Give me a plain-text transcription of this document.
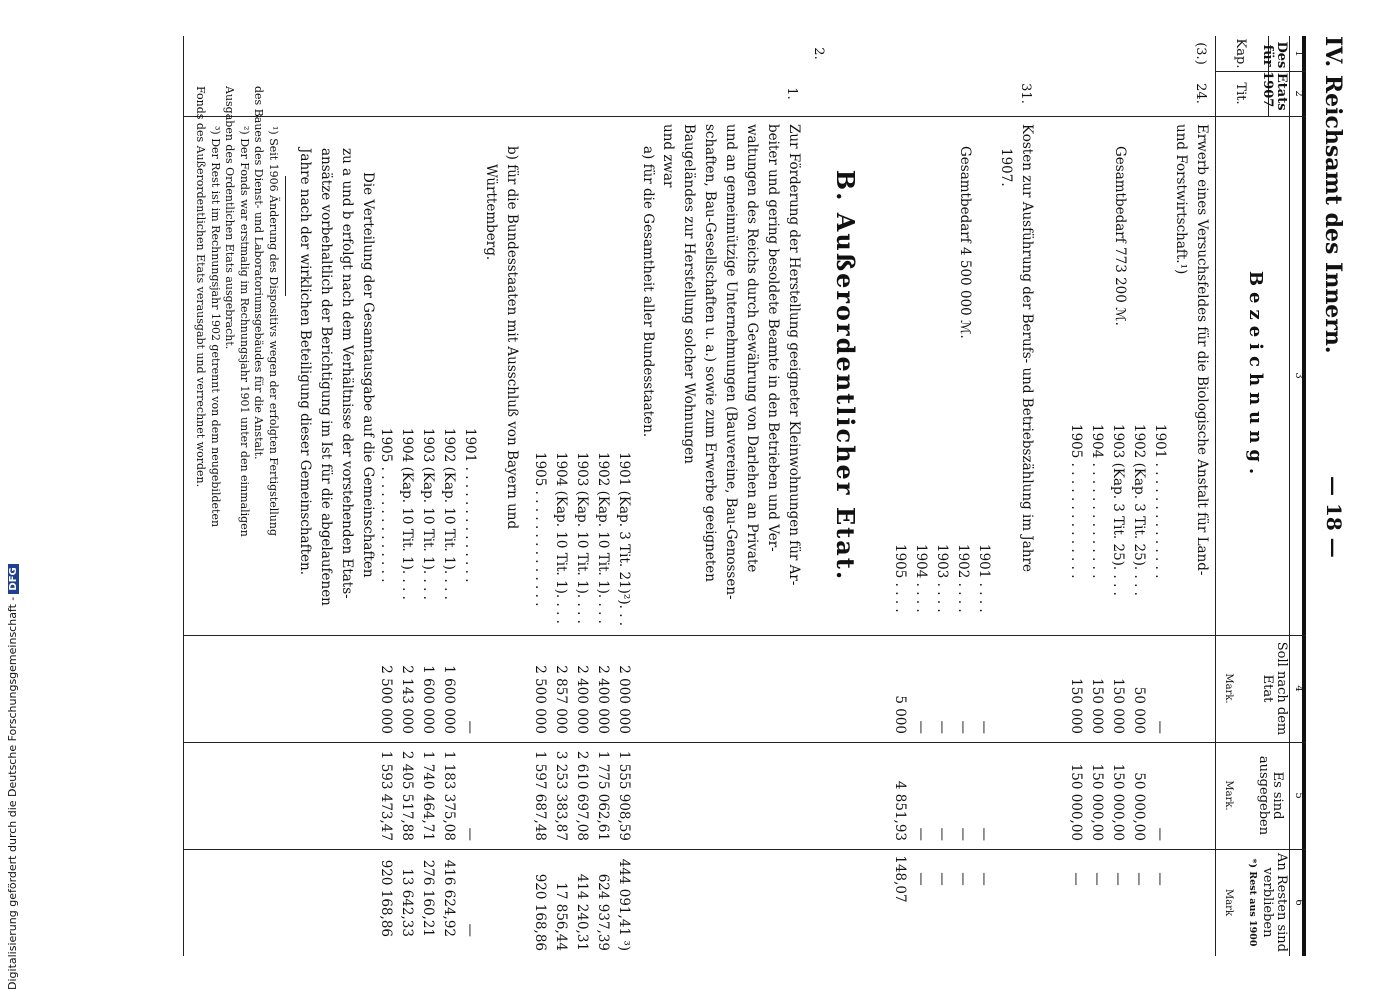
IV. Reichsamt des Innern.
— 18 —
1
2
3
4
5
6
Des Etats für 1907
Kap.
Tit.
Bezeichnung.
Soll nach dem Etat
Mark.
Es sind ausgegeben
Mark.
An Resten sind verblieben
*) Rest aus 1900
Mark
(3.)
24.
Erwerb eines Versuchsfeldes für die Biologische Anstalt für Land-
und Forstwirtschaft.¹)
1901 . . . . . . . . . . . . . .
1902 (Kap. 3 Tit. 25). . . .
1903 (Kap. 3 Tit. 25). . . .
1904 . . . . . . . . . . . . . .
1905 . . . . . . . . . . . . . .
Gesamtbedarf 773 200 ℳ.
—
50 000
150 000
150 000
150 000
—
50 000,00
150 000,00
150 000,00
150 000,00
—
—
—
—
—
31.
Kosten zur Ausführung der Berufs- und Betriebszählung im Jahre
1907.
Gesamtbedarf 4 500 000 ℳ.
1901 . . . .
1902 . . . .
1903 . . . .
1904 . . . .
1905 . . . .
—
—
—
—
5 000
—
—
—
—
4 851,93
—
—
—
—
148,07
B. Außerordentlicher Etat.
2.
1.
Zur Förderung der Herstellung geeigneter Kleinwohnungen für Ar-
beiter und gering besoldete Beamte in den Betrieben und Ver-
waltungen des Reichs durch Gewährung von Darlehen an Private
und an gemeinnützige Unternehmungen (Bauvereine, Bau-Genossen-
schaften, Bau-Gesellschaften u. a.) sowie zum Erwerbe geeigneten
Baugeländes zur Herstellung solcher Wohnungen
und zwar
a) für die Gesamtheit aller Bundesstaaten.
1901 (Kap. 3 Tit. 21)²). . .
1902 (Kap. 10 Tit. 1). . . .
1903 (Kap. 10 Tit. 1). . . .
1904 (Kap. 10 Tit. 1). . . .
1905 . . . . . . . . . . . . . .
2 000 000
2 400 000
2 400 000
2 857 000
2 500 000
1 555 908,59
1 775 062,61
2 610 697,08
3 253 383,87
1 597 687,48
444 091,41 ³)
624 937,39
414 240,31
17 856,44
920 168,86
b) für die Bundesstaaten mit Ausschluß von Bayern und
Württemberg.
1901 . . . . . . . . . . . . . .
1902 (Kap. 10 Tit. 1). . . .
1903 (Kap. 10 Tit. 1). . . .
1904 (Kap. 10 Tit. 1). . . .
1905 . . . . . . . . . . . . . .
—
1 600 000
1 600 000
2 143 000
2 500 000
—
1 183 375,08
1 740 464,71
2 405 517,88
1 593 473,47
—
416 624,92
276 160,21
13 642,33
920 168,86
Die Verteilung der Gesamtausgabe auf die Gemeinschaften
zu a und b erfolgt nach dem Verhältnisse der vorstehenden Etats-
ansätze vorbehaltlich der Berichtigung im Ist für die abgelaufenen
Jahre nach der wirklichen Beteiligung dieser Gemeinschaften.
¹) Seit 1906 Änderung des Dispositivs wegen der erfolgten Fertigstellung
des Baues des Dienst- und Laboratoriumsgebäudes für die Anstalt.
²) Der Fonds war erstmalig im Rechnungsjahr 1901 unter den einmaligen
Ausgaben des Ordentlichen Etats ausgebracht.
³) Der Rest ist im Rechnungsjahr 1902 getrennt von dem neugebildeten
Fonds des Außerordentlichen Etats verausgabt und verrechnet worden.
Digitalisierung gefördert durch die Deutsche Forschungsgemeinschaft -DFG
